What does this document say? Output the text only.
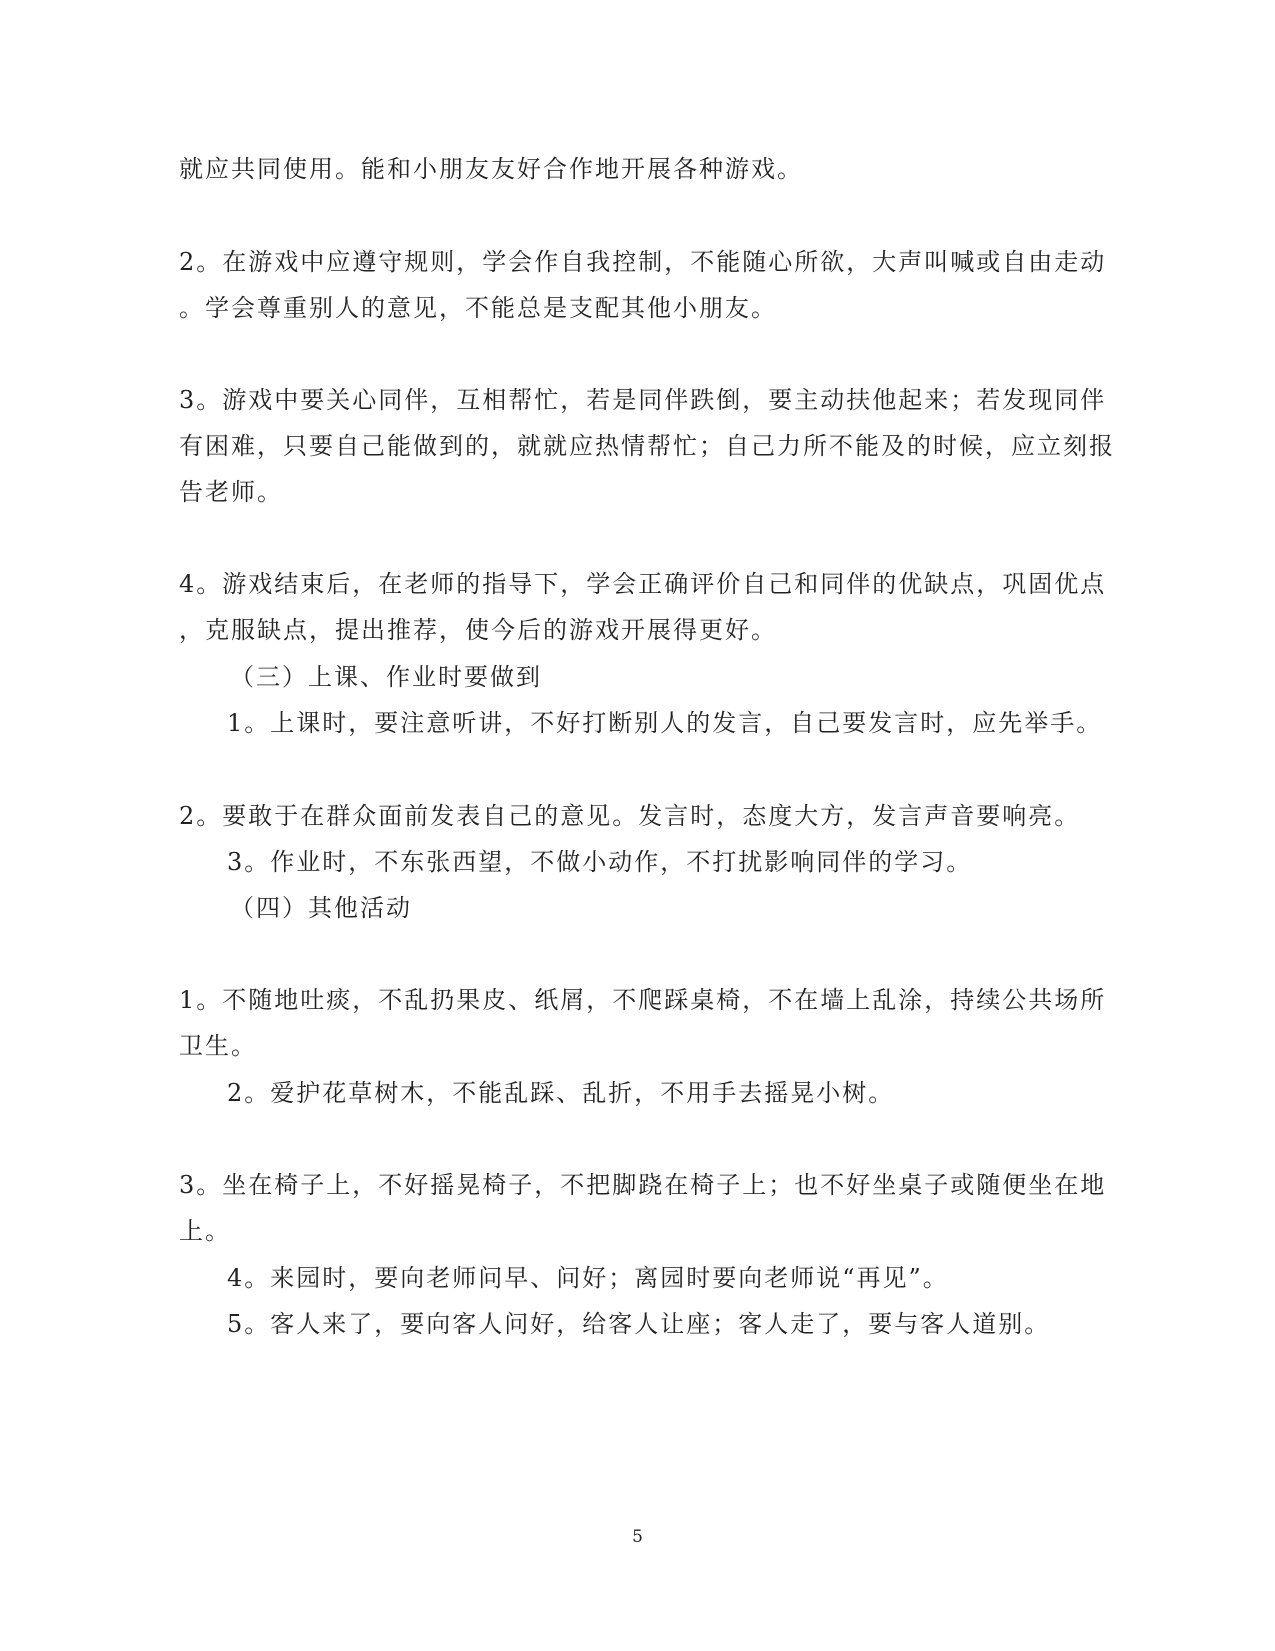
就应共同使用。能和小朋友友好合作地开展各种游戏。
2。在游戏中应遵守规则，学会作自我控制，不能随心所欲，大声叫喊或自由走动
。学会尊重别人的意见，不能总是支配其他小朋友。
3。游戏中要关心同伴，互相帮忙，若是同伴跌倒，要主动扶他起来；若发现同伴
有困难，只要自己能做到的，就就应热情帮忙；自己力所不能及的时候，应立刻报
告老师。
4。游戏结束后，在老师的指导下，学会正确评价自己和同伴的优缺点，巩固优点
，克服缺点，提出推荐，使今后的游戏开展得更好。
（三）上课、作业时要做到
1。上课时，要注意听讲，不好打断别人的发言，自己要发言时，应先举手。
2。要敢于在群众面前发表自己的意见。发言时，态度大方，发言声音要响亮。
3。作业时，不东张西望，不做小动作，不打扰影响同伴的学习。
（四）其他活动
1。不随地吐痰，不乱扔果皮、纸屑，不爬踩桌椅，不在墙上乱涂，持续公共场所
卫生。
2。爱护花草树木，不能乱踩、乱折，不用手去摇晃小树。
3。坐在椅子上，不好摇晃椅子，不把脚跷在椅子上；也不好坐桌子或随便坐在地
上。
4。来园时，要向老师问早、问好；离园时要向老师说“再见”。
5。客人来了，要向客人问好，给客人让座；客人走了，要与客人道别。
5
